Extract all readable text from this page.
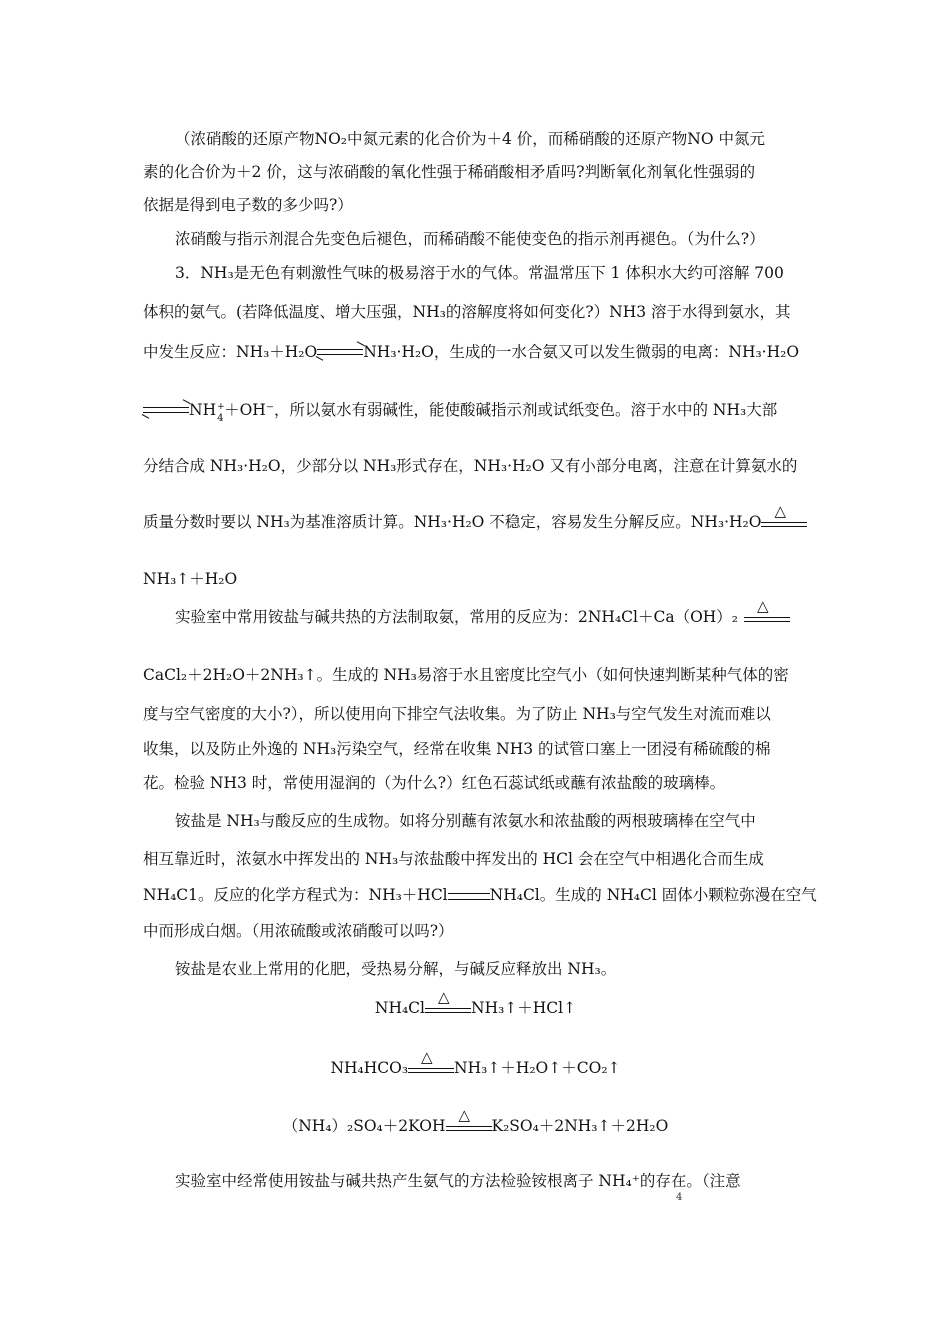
（浓硝酸的还原产物NO₂中氮元素的化合价为＋4 价，而稀硝酸的还原产物NO 中氮元
素的化合价为＋2 价，这与浓硝酸的氧化性强于稀硝酸相矛盾吗?判断氧化剂氧化性强弱的
依据是得到电子数的多少吗?）
浓硝酸与指示剂混合先变色后褪色，而稀硝酸不能使变色的指示剂再褪色。（为什么?）
3．NH₃是无色有刺激性气味的极易溶于水的气体。常温常压下 1 体积水大约可溶解 700
体积的氨气。(若降低温度、增大压强，NH₃的溶解度将如何变化?）NH3 溶于水得到氨水，其
中发生反应：NH₃＋H₂O	NH₃·H₂O，生成的一水合氨又可以发生微弱的电离：NH₃·H₂O
NH +
4 ＋OH⁻，所以氨水有弱碱性，能使酸碱指示剂或试纸变色。溶于水中的 NH₃大部
分结合成 NH₃·H₂O，少部分以 NH₃形式存在，NH₃·H₂O 又有小部分电离，注意在计算氨水的
质量分数时要以 NH₃为基准溶质计算。NH₃·H₂O 不稳定，容易发生分解反应。NH₃·H₂O
△
NH₃↑＋H₂O
实验室中常用铵盐与碱共热的方法制取氨，常用的反应为：2NH₄Cl＋Ca（OH）₂
△
CaCl₂＋2H₂O＋2NH₃↑。生成的 NH₃易溶于水且密度比空气小（如何快速判断某种气体的密
度与空气密度的大小?），所以使用向下排空气法收集。为了防止 NH₃与空气发生对流而难以
收集，以及防止外逸的 NH₃污染空气，经常在收集 NH3 的试管口塞上一团浸有稀硫酸的棉
花。检验 NH3 时，常使用湿润的（为什么?）红色石蕊试纸或蘸有浓盐酸的玻璃棒。
铵盐是 NH₃与酸反应的生成物。如将分别蘸有浓氨水和浓盐酸的两根玻璃棒在空气中
相互靠近时，浓氨水中挥发出的 NH₃与浓盐酸中挥发出的 HCl 会在空气中相遇化合而生成
NH₄C1。反应的化学方程式为：NH₃＋HCl	NH₄Cl。生成的 NH₄Cl 固体小颗粒弥漫在空气
中而形成白烟。（用浓硫酸或浓硝酸可以吗?）
铵盐是农业上常用的化肥，受热易分解，与碱反应释放出 NH₃。
NH₄Cl
△
NH₃↑＋HCl↑
NH₄HCO₃
△
NH₃↑＋H₂O↑＋CO₂↑
（NH₄）₂SO₄＋2KOH
△
K₂SO₄＋2NH₃↑＋2H₂O
实验室中经常使用铵盐与碱共热产生氨气的方法检验铵根离子 NH₄⁺的存在。（注意
4
